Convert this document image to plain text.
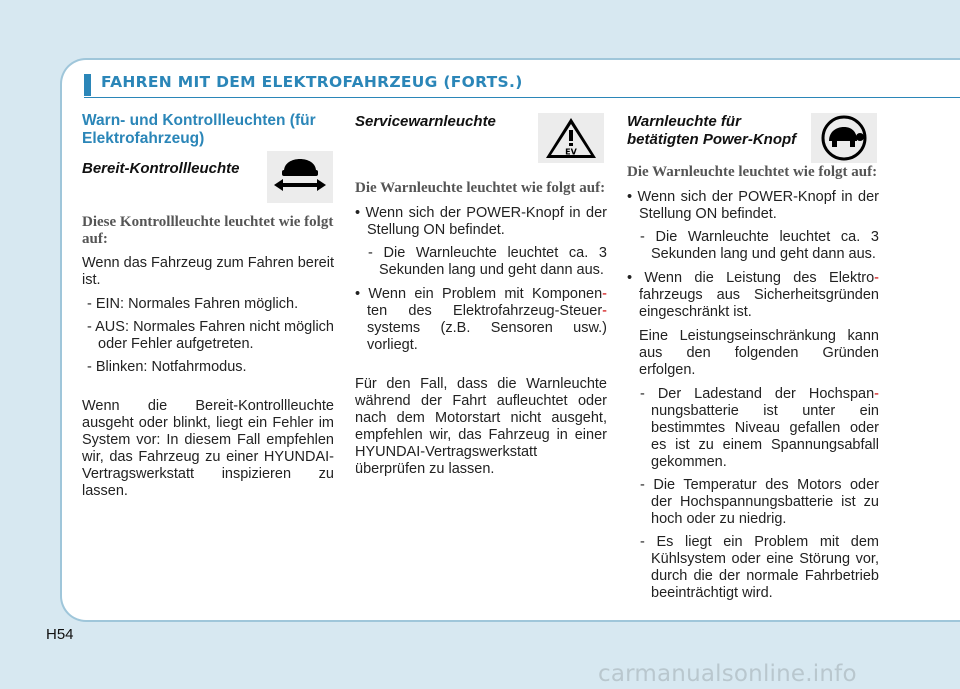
FAHREN MIT DEM ELEKTROFAHRZEUG (FORTS.)

Warn- und Kontrollleuchten (für Elektrofahrzeug)

Bereit-Kontrollleuchte

Diese Kontrollleuchte leuchtet wie folgt auf:

Wenn das Fahrzeug zum Fahren bereit ist.

- EIN: Normales Fahren möglich.

- AUS: Normales Fahren nicht möglich oder Fehler aufgetreten.

- Blinken: Notfahrmodus.

Wenn die Bereit-Kontrollleuchte ausgeht oder blinkt, liegt ein Fehler im System vor: In diesem Fall empfehlen wir, das Fahrzeug zu einer HYUNDAI-Vertragswerkstatt inspizieren zu lassen.

Servicewarnleuchte

Die Warnleuchte leuchtet wie folgt auf:

• Wenn sich der POWER-Knopf in der Stellung ON befindet.

- Die Warnleuchte leuchtet ca. 3 Sekunden lang und geht dann aus.

• Wenn ein Problem mit Komponen- ten des Elektrofahrzeug-Steuer- systems (z.B. Sensoren usw.) vorliegt.

Für den Fall, dass die Warnleuchte während der Fahrt aufleuchtet oder nach dem Motorstart nicht ausgeht, empfehlen wir, das Fahrzeug in einer HYUNDAI-Vertragswerkstatt überprüfen zu lassen.

EV

Warnleuchte für betätigten Power-Knopf

Die Warnleuchte leuchtet wie folgt auf:

• Wenn sich der POWER-Knopf in der Stellung ON befindet.

- Die Warnleuchte leuchtet ca. 3 Sekunden lang und geht dann aus.

• Wenn die Leistung des Elektro- fahrzeugs aus Sicherheitsgründen eingeschränkt ist.

Eine Leistungseinschränkung kann aus den folgenden Gründen erfolgen.

- Der Ladestand der Hochspan- nungsbatterie ist unter ein bestimmtes Niveau gefallen oder es ist zu einem Spannungsabfall gekommen.

- Die Temperatur des Motors oder der Hochspannungsbatterie ist zu hoch oder zu niedrig.

- Es liegt ein Problem mit dem Kühlsystem oder eine Störung vor, durch die der normale Fahrbetrieb beeinträchtigt wird.

H54
carmanualsonline.info
